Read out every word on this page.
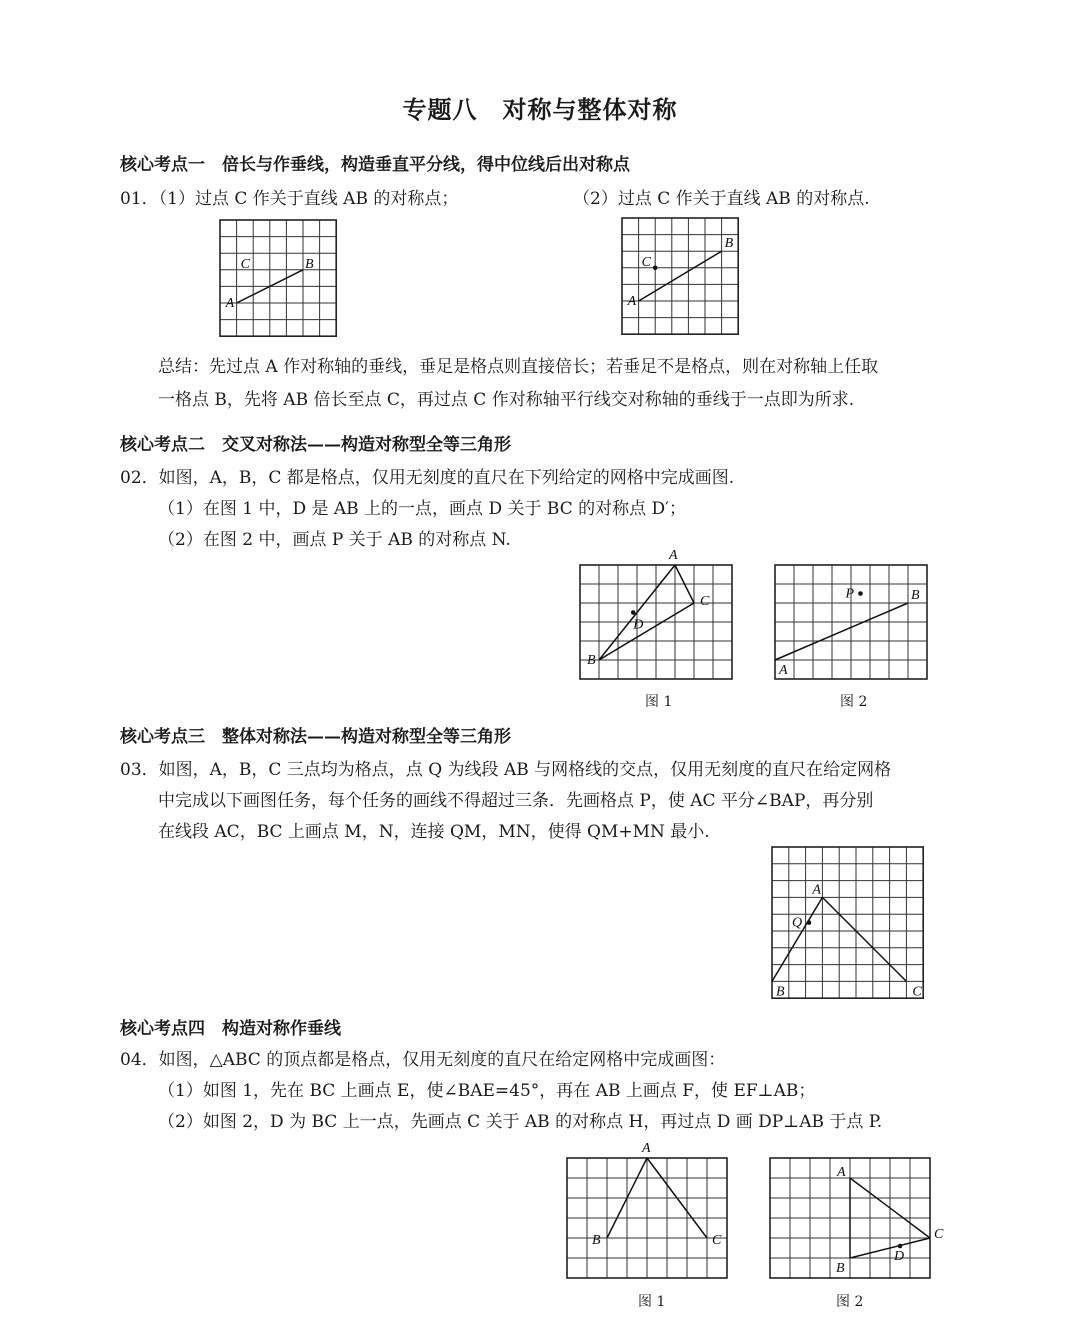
专题八　对称与整体对称
核心考点一　倍长与作垂线，构造垂直平分线，得中位线后出对称点
01．（1）过点 C 作关于直线 AB 的对称点；	（2）过点 C 作关于直线 AB 的对称点.
A
B
C
A
B
C
A
B
C
D
A
B
P
A
B	C
Q
A
B	C
A
B
C
D
总结：先过点 A 作对称轴的垂线，垂足是格点则直接倍长；若垂足不是格点，则在对称轴上任取
一格点 B，先将 AB 倍长至点 C，再过点 C 作对称轴平行线交对称轴的垂线于一点即为所求.
核心考点二　交叉对称法——构造对称型全等三角形
02．如图，A，B，C 都是格点，仅用无刻度的直尺在下列给定的网格中完成画图.
（1）在图 1 中，D 是 AB 上的一点，画点 D 关于 BC 的对称点 D′；
（2）在图 2 中，画点 P 关于 AB 的对称点 N.
图 1	图 2
核心考点三　整体对称法——构造对称型全等三角形
03．如图，A，B，C 三点均为格点，点 Q 为线段 AB 与网格线的交点，仅用无刻度的直尺在给定网格
中完成以下画图任务，每个任务的画线不得超过三条．先画格点 P，使 AC 平分∠BAP，再分别
在线段 AC，BC 上画点 M，N，连接 QM，MN，使得 QM+MN 最小.
核心考点四　构造对称作垂线
04．如图，△ABC 的顶点都是格点，仅用无刻度的直尺在给定网格中完成画图：
（1）如图 1，先在 BC 上画点 E，使∠BAE=45°，再在 AB 上画点 F，使 EF⊥AB；
（2）如图 2，D 为 BC 上一点，先画点 C 关于 AB 的对称点 H，再过点 D 画 DP⊥AB 于点 P.
图 1	图 2
